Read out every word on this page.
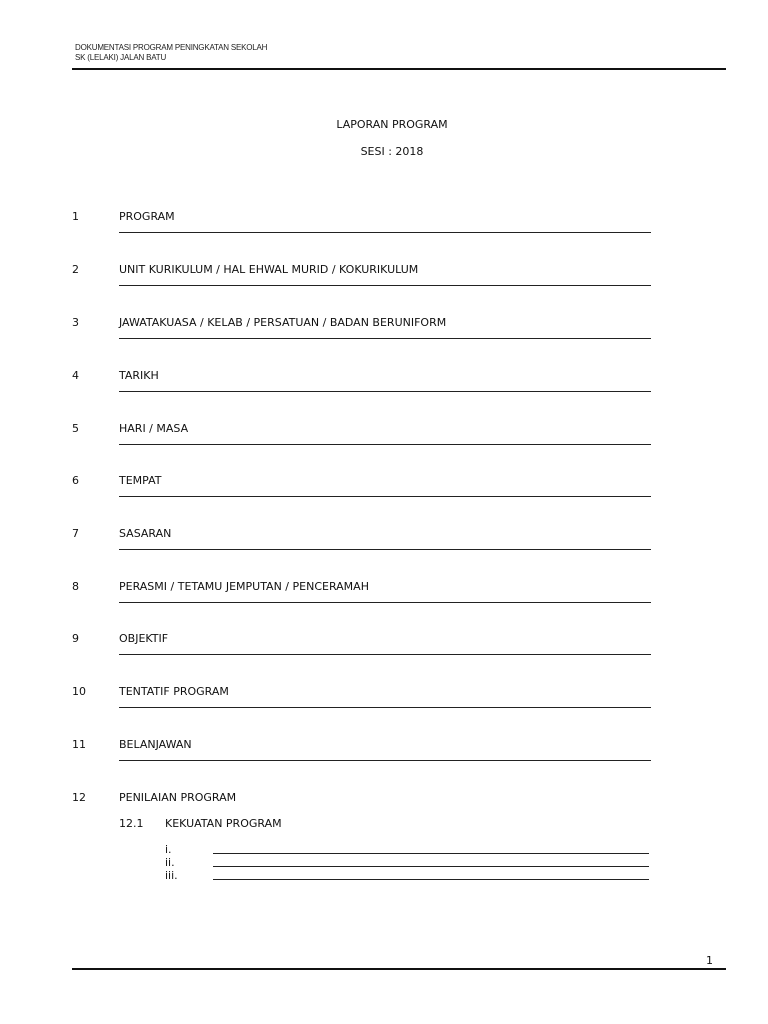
DOKUMENTASI PROGRAM PENINGKATAN SEKOLAH
SK (LELAKI) JALAN BATU
LAPORAN PROGRAM
SESI : 2018
1	PROGRAM
2	UNIT KURIKULUM / HAL EHWAL MURID / KOKURIKULUM
3	JAWATAKUASA / KELAB / PERSATUAN / BADAN BERUNIFORM
4	TARIKH
5	HARI / MASA
6	TEMPAT
7	SASARAN
8	PERASMI / TETAMU JEMPUTAN / PENCERAMAH
9	OBJEKTIF
10	TENTATIF PROGRAM
11	BELANJAWAN
12	PENILAIAN PROGRAM
12.1 KEKUATAN PROGRAM
i.
ii.
iii.
1
